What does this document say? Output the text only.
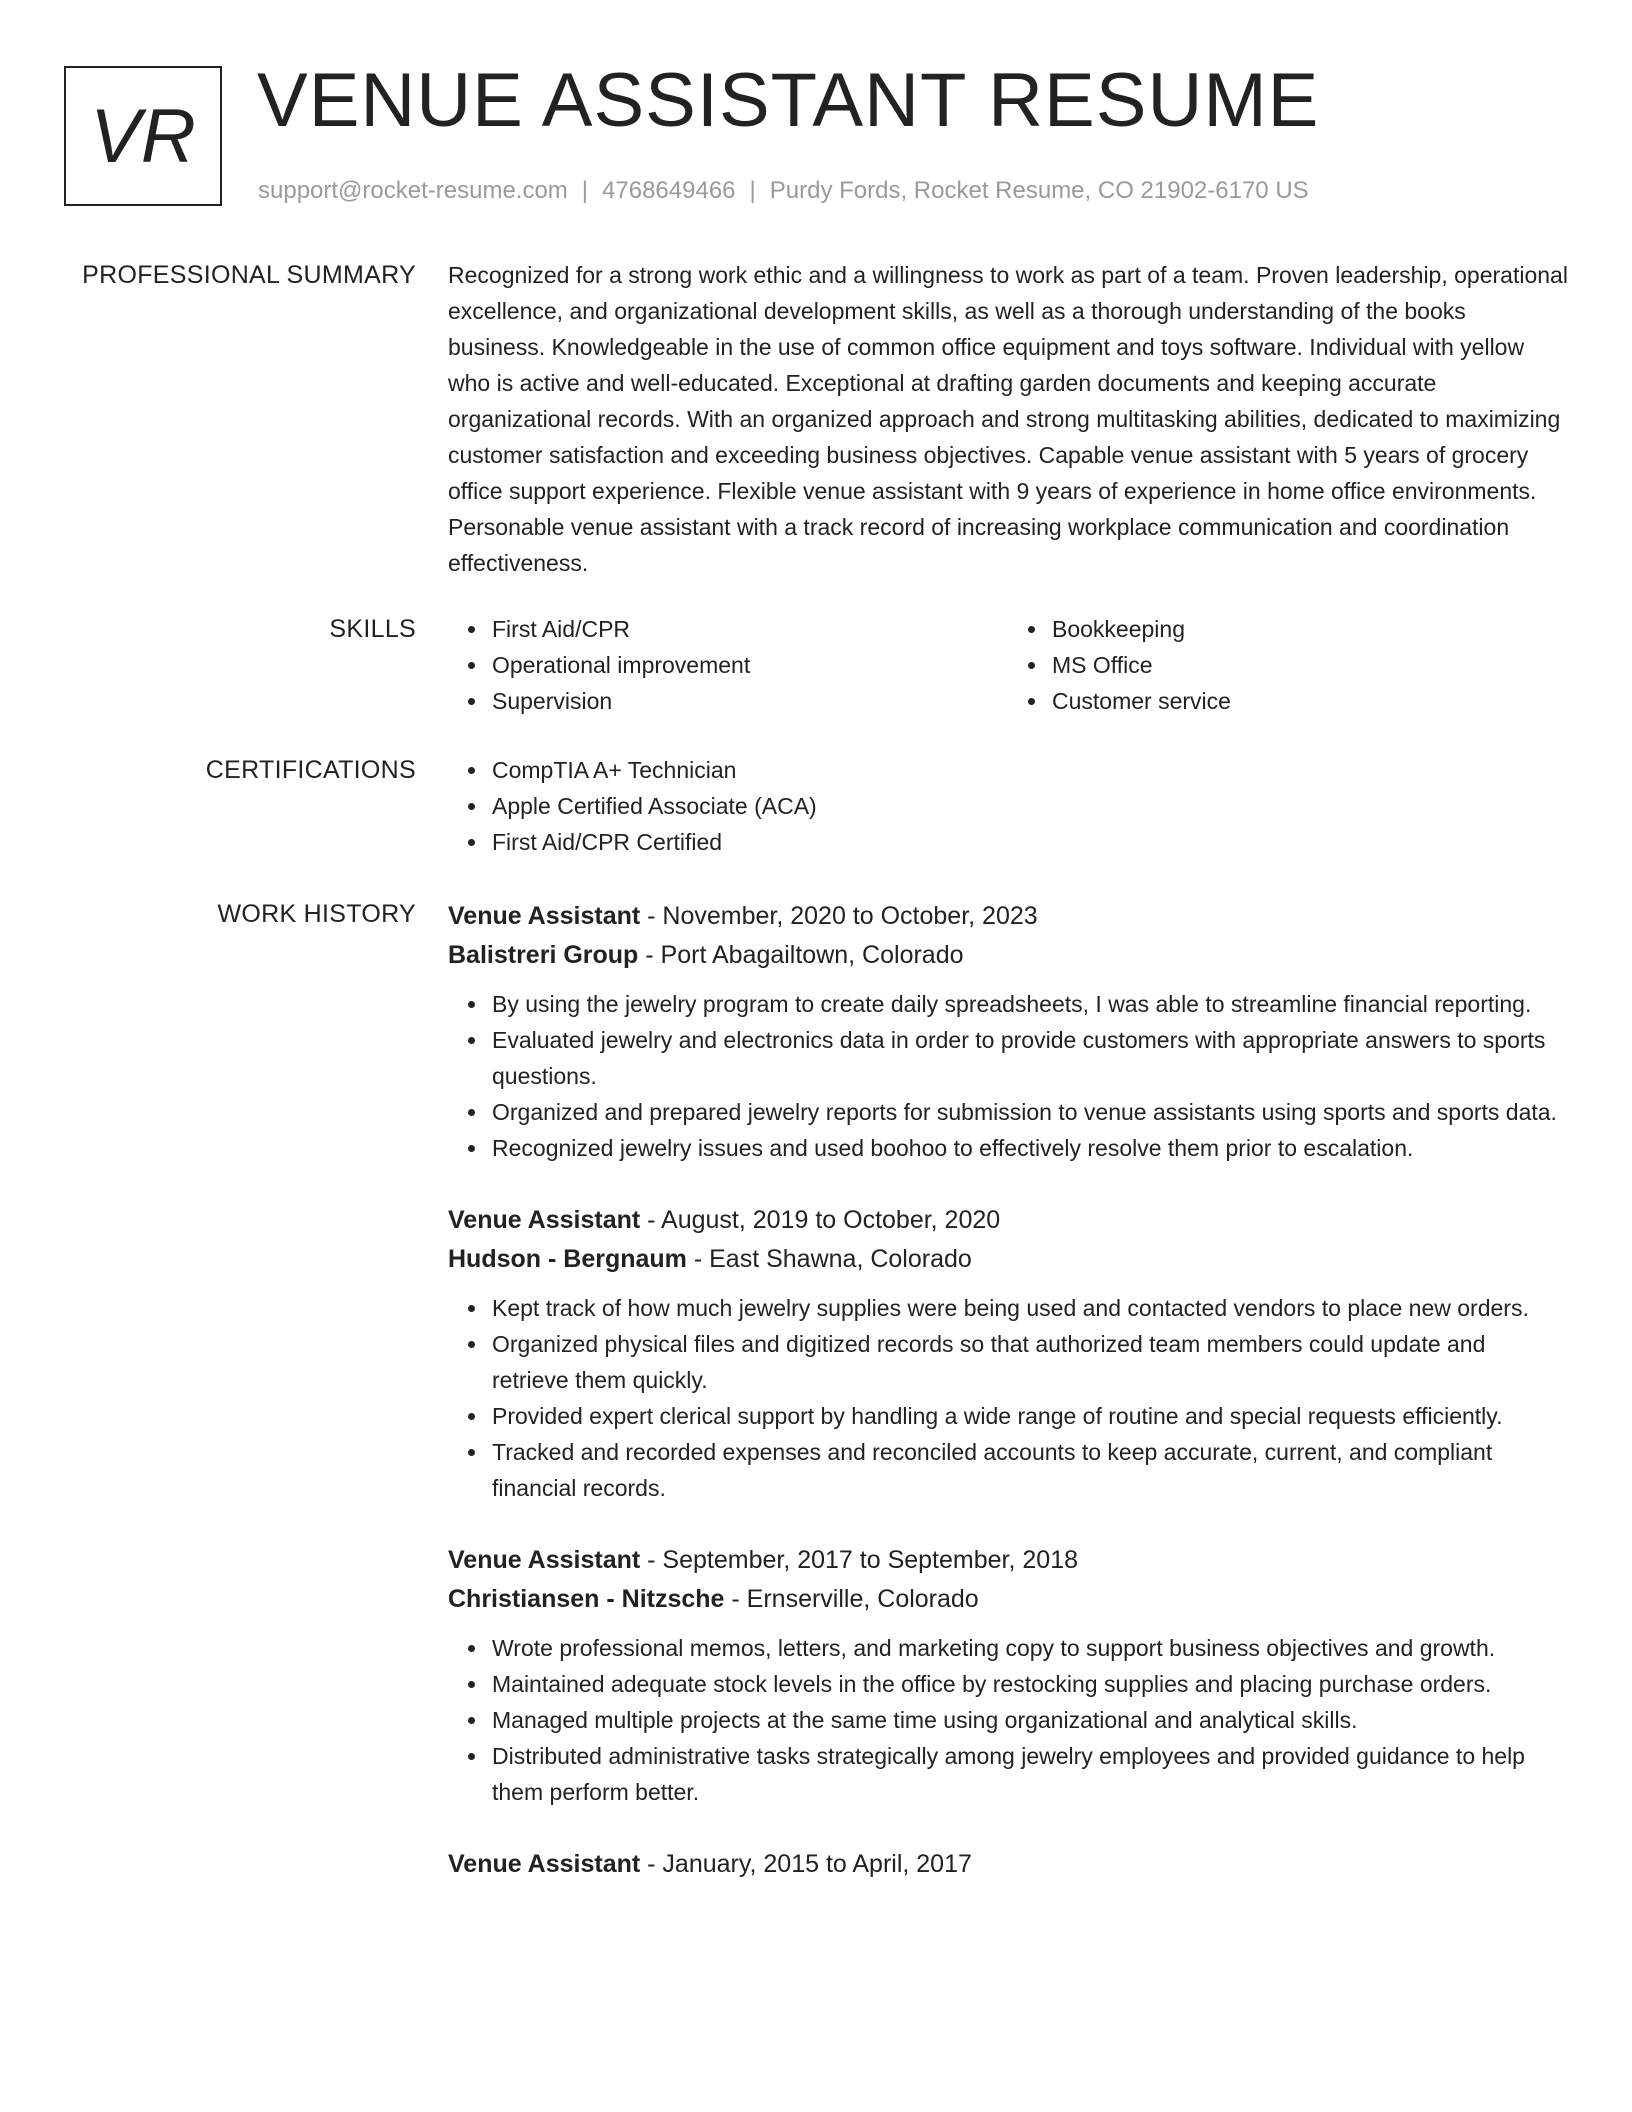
VR VENUE ASSISTANT RESUME
support@rocket-resume.com | 4768649466 | Purdy Fords, Rocket Resume, CO 21902-6170 US
PROFESSIONAL SUMMARY Recognized for a strong work ethic and a willingness to work as part of a team. Proven leadership, operational excellence, and organizational development skills, as well as a thorough understanding of the books business. Knowledgeable in the use of common office equipment and toys software. Individual with yellow who is active and well-educated. Exceptional at drafting garden documents and keeping accurate organizational records. With an organized approach and strong multitasking abilities, dedicated to maximizing customer satisfaction and exceeding business objectives. Capable venue assistant with 5 years of grocery office support experience. Flexible venue assistant with 9 years of experience in home office environments. Personable venue assistant with a track record of increasing workplace communication and coordination effectiveness.
SKILLS	First Aid/CPR
Operational improvement
Supervision
Bookkeeping
MS Office
Customer service
CERTIFICATIONS	CompTIA A+ Technician
Apple Certified Associate (ACA)
First Aid/CPR Certified
WORK HISTORY Venue Assistant - November, 2020 to October, 2023
Balistreri Group - Port Abagailtown, Colorado
By using the jewelry program to create daily spreadsheets, I was able to streamline financial reporting.
Evaluated jewelry and electronics data in order to provide customers with appropriate answers to sports questions.
Organized and prepared jewelry reports for submission to venue assistants using sports and sports data.
Recognized jewelry issues and used boohoo to effectively resolve them prior to escalation.
Venue Assistant - August, 2019 to October, 2020
Hudson - Bergnaum - East Shawna, Colorado
Kept track of how much jewelry supplies were being used and contacted vendors to place new orders.
Organized physical files and digitized records so that authorized team members could update and retrieve them quickly.
Provided expert clerical support by handling a wide range of routine and special requests efficiently.
Tracked and recorded expenses and reconciled accounts to keep accurate, current, and compliant financial records.
Venue Assistant - September, 2017 to September, 2018
Christiansen - Nitzsche - Ernserville, Colorado
Wrote professional memos, letters, and marketing copy to support business objectives and growth.
Maintained adequate stock levels in the office by restocking supplies and placing purchase orders.
Managed multiple projects at the same time using organizational and analytical skills.
Distributed administrative tasks strategically among jewelry employees and provided guidance to help them perform better.
Venue Assistant - January, 2015 to April, 2017
